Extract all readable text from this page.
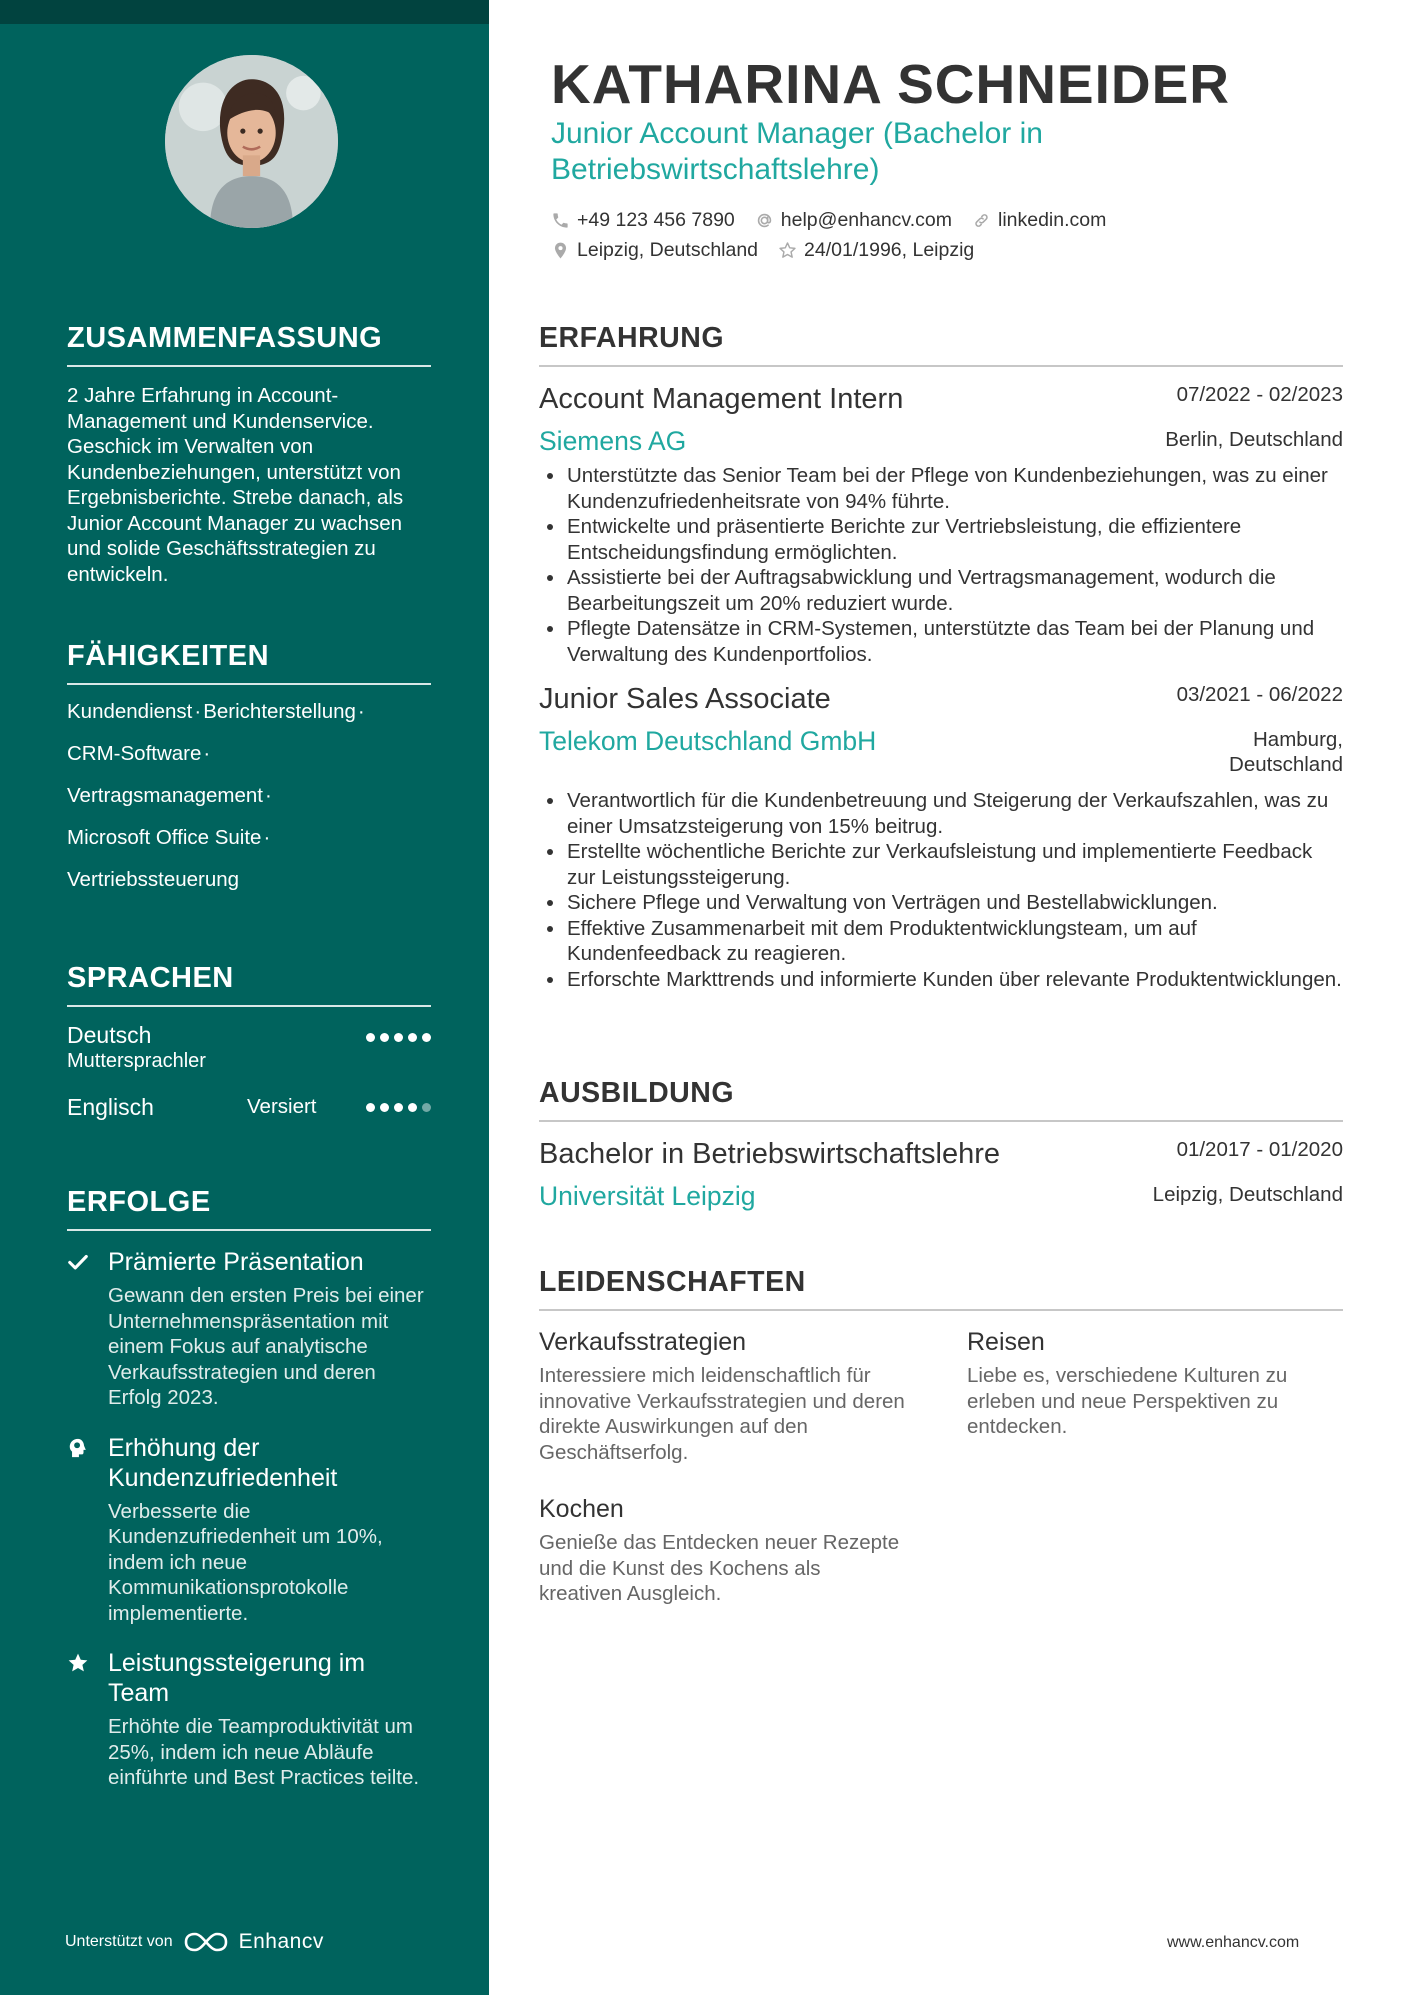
ZUSAMMENFASSUNG

2 Jahre Erfahrung in Account-Management und Kundenservice. Geschick im Verwalten von Kundenbeziehungen, unterstützt von Ergebnisberichte. Strebe danach, als Junior Account Manager zu wachsen und solide Geschäftsstrategien zu entwickeln.

FÄHIGKEITEN
Kundendienst·Berichterstellung·
CRM-Software·
Vertragsmanagement·
Microsoft Office Suite·
Vertriebssteuerung
SPRACHEN
Deutsch
Muttersprachler
Englisch	Versiert
ERFOLGE
Prämierte Präsentation
Gewann den ersten Preis bei einer Unternehmenspräsentation mit einem Fokus auf analytische Verkaufsstrategien und deren Erfolg 2023.
Erhöhung der Kundenzufriedenheit
Verbesserte die Kundenzufriedenheit um 10%, indem ich neue Kommunikationsprotokolle implementierte.
Leistungssteigerung im Team
Erhöhte die Teamproduktivität um 25%, indem ich neue Abläufe einführte und Best Practices teilte.
Unterstützt von	Enhancv
KATHARINA SCHNEIDER
Junior Account Manager (Bachelor in Betriebswirtschaftslehre)
+49 123 456 7890 help@enhancv.com linkedin.com
Leipzig, Deutschland 24/01/1996, Leipzig
ERFAHRUNG
Account Management Intern	07/2022 - 02/2023
Siemens AG	Berlin, Deutschland
Unterstützte das Senior Team bei der Pflege von Kundenbeziehungen, was zu einer Kundenzufriedenheitsrate von 94% führte.
Entwickelte und präsentierte Berichte zur Vertriebsleistung, die effizientere Entscheidungsfindung ermöglichten.
Assistierte bei der Auftragsabwicklung und Vertragsmanagement, wodurch die Bearbeitungszeit um 20% reduziert wurde.
Pflegte Datensätze in CRM-Systemen, unterstützte das Team bei der Planung und Verwaltung des Kundenportfolios.
Junior Sales Associate	03/2021 - 06/2022
Telekom Deutschland GmbH	Hamburg,
Deutschland
Verantwortlich für die Kundenbetreuung und Steigerung der Verkaufszahlen, was zu einer Umsatzsteigerung von 15% beitrug.
Erstellte wöchentliche Berichte zur Verkaufsleistung und implementierte Feedback zur Leistungssteigerung.
Sichere Pflege und Verwaltung von Verträgen und Bestellabwicklungen.
Effektive Zusammenarbeit mit dem Produktentwicklungsteam, um auf Kundenfeedback zu reagieren.
Erforschte Markttrends und informierte Kunden über relevante Produktentwicklungen.
AUSBILDUNG
Bachelor in Betriebswirtschaftslehre	01/2017 - 01/2020
Universität Leipzig	Leipzig, Deutschland
LEIDENSCHAFTEN
Verkaufsstrategien
Interessiere mich leidenschaftlich für innovative Verkaufsstrategien und deren direkte Auswirkungen auf den Geschäftserfolg.
Reisen
Liebe es, verschiedene Kulturen zu erleben und neue Perspektiven zu entdecken.
Kochen
Genieße das Entdecken neuer Rezepte und die Kunst des Kochens als kreativen Ausgleich.
www.enhancv.com
